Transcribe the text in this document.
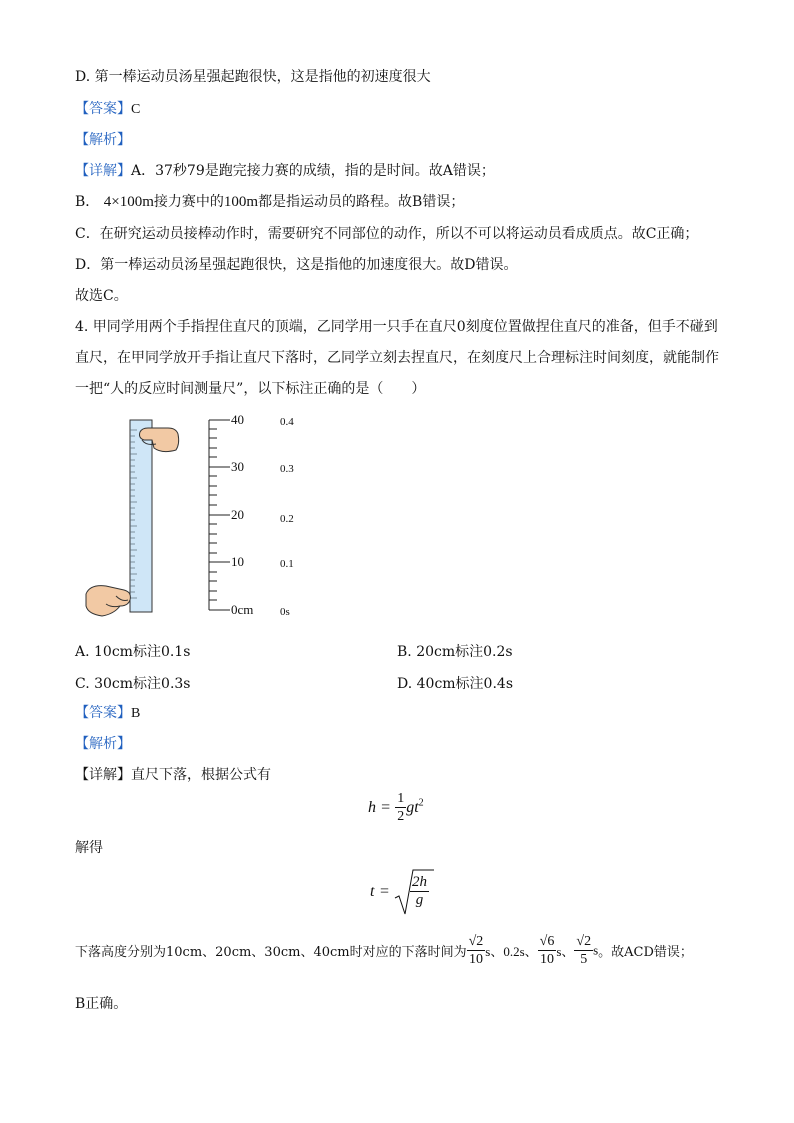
D. 第一棒运动员汤星强起跑很快，这是指他的初速度很大
【答案】C
【解析】
【详解】A．37秒79是跑完接力赛的成绩，指的是时间。故A错误；
B． 4×100m接力赛中的100m都是指运动员的路程。故B错误；
C．在研究运动员接棒动作时，需要研究不同部位的动作，所以不可以将运动员看成质点。故C正确；
D．第一棒运动员汤星强起跑很快，这是指他的加速度很大。故D错误。
故选C。
4. 甲同学用两个手指捏住直尺的顶端，乙同学用一只手在直尺0刻度位置做捏住直尺的准备，但手不碰到
直尺，在甲同学放开手指让直尺下落时，乙同学立刻去捏直尺，在刻度尺上合理标注时间刻度，就能制作
一把“人的反应时间测量尺”，以下标注正确的是（　　）
40
30
20
10
0cm
0.4
0.3
0.2
0.1
0s
A. 10cm标注0.1s	B. 20cm标注0.2s
C. 30cm标注0.3s	D. 40cm标注0.4s
【答案】B
【解析】
【详解】直尺下落，根据公式有
$h = \frac{1}{2} gt^2$
解得
$t = \frac{2h}{g}$
下落高度分别为10cm、20cm、30cm、40cm时对应的下落时间为 $\frac{√2}{10}$ s、0.2s、 $\frac{√6}{10}$ s、 $\frac{√2}{5}$ s。故ACD错误；
B正确。
